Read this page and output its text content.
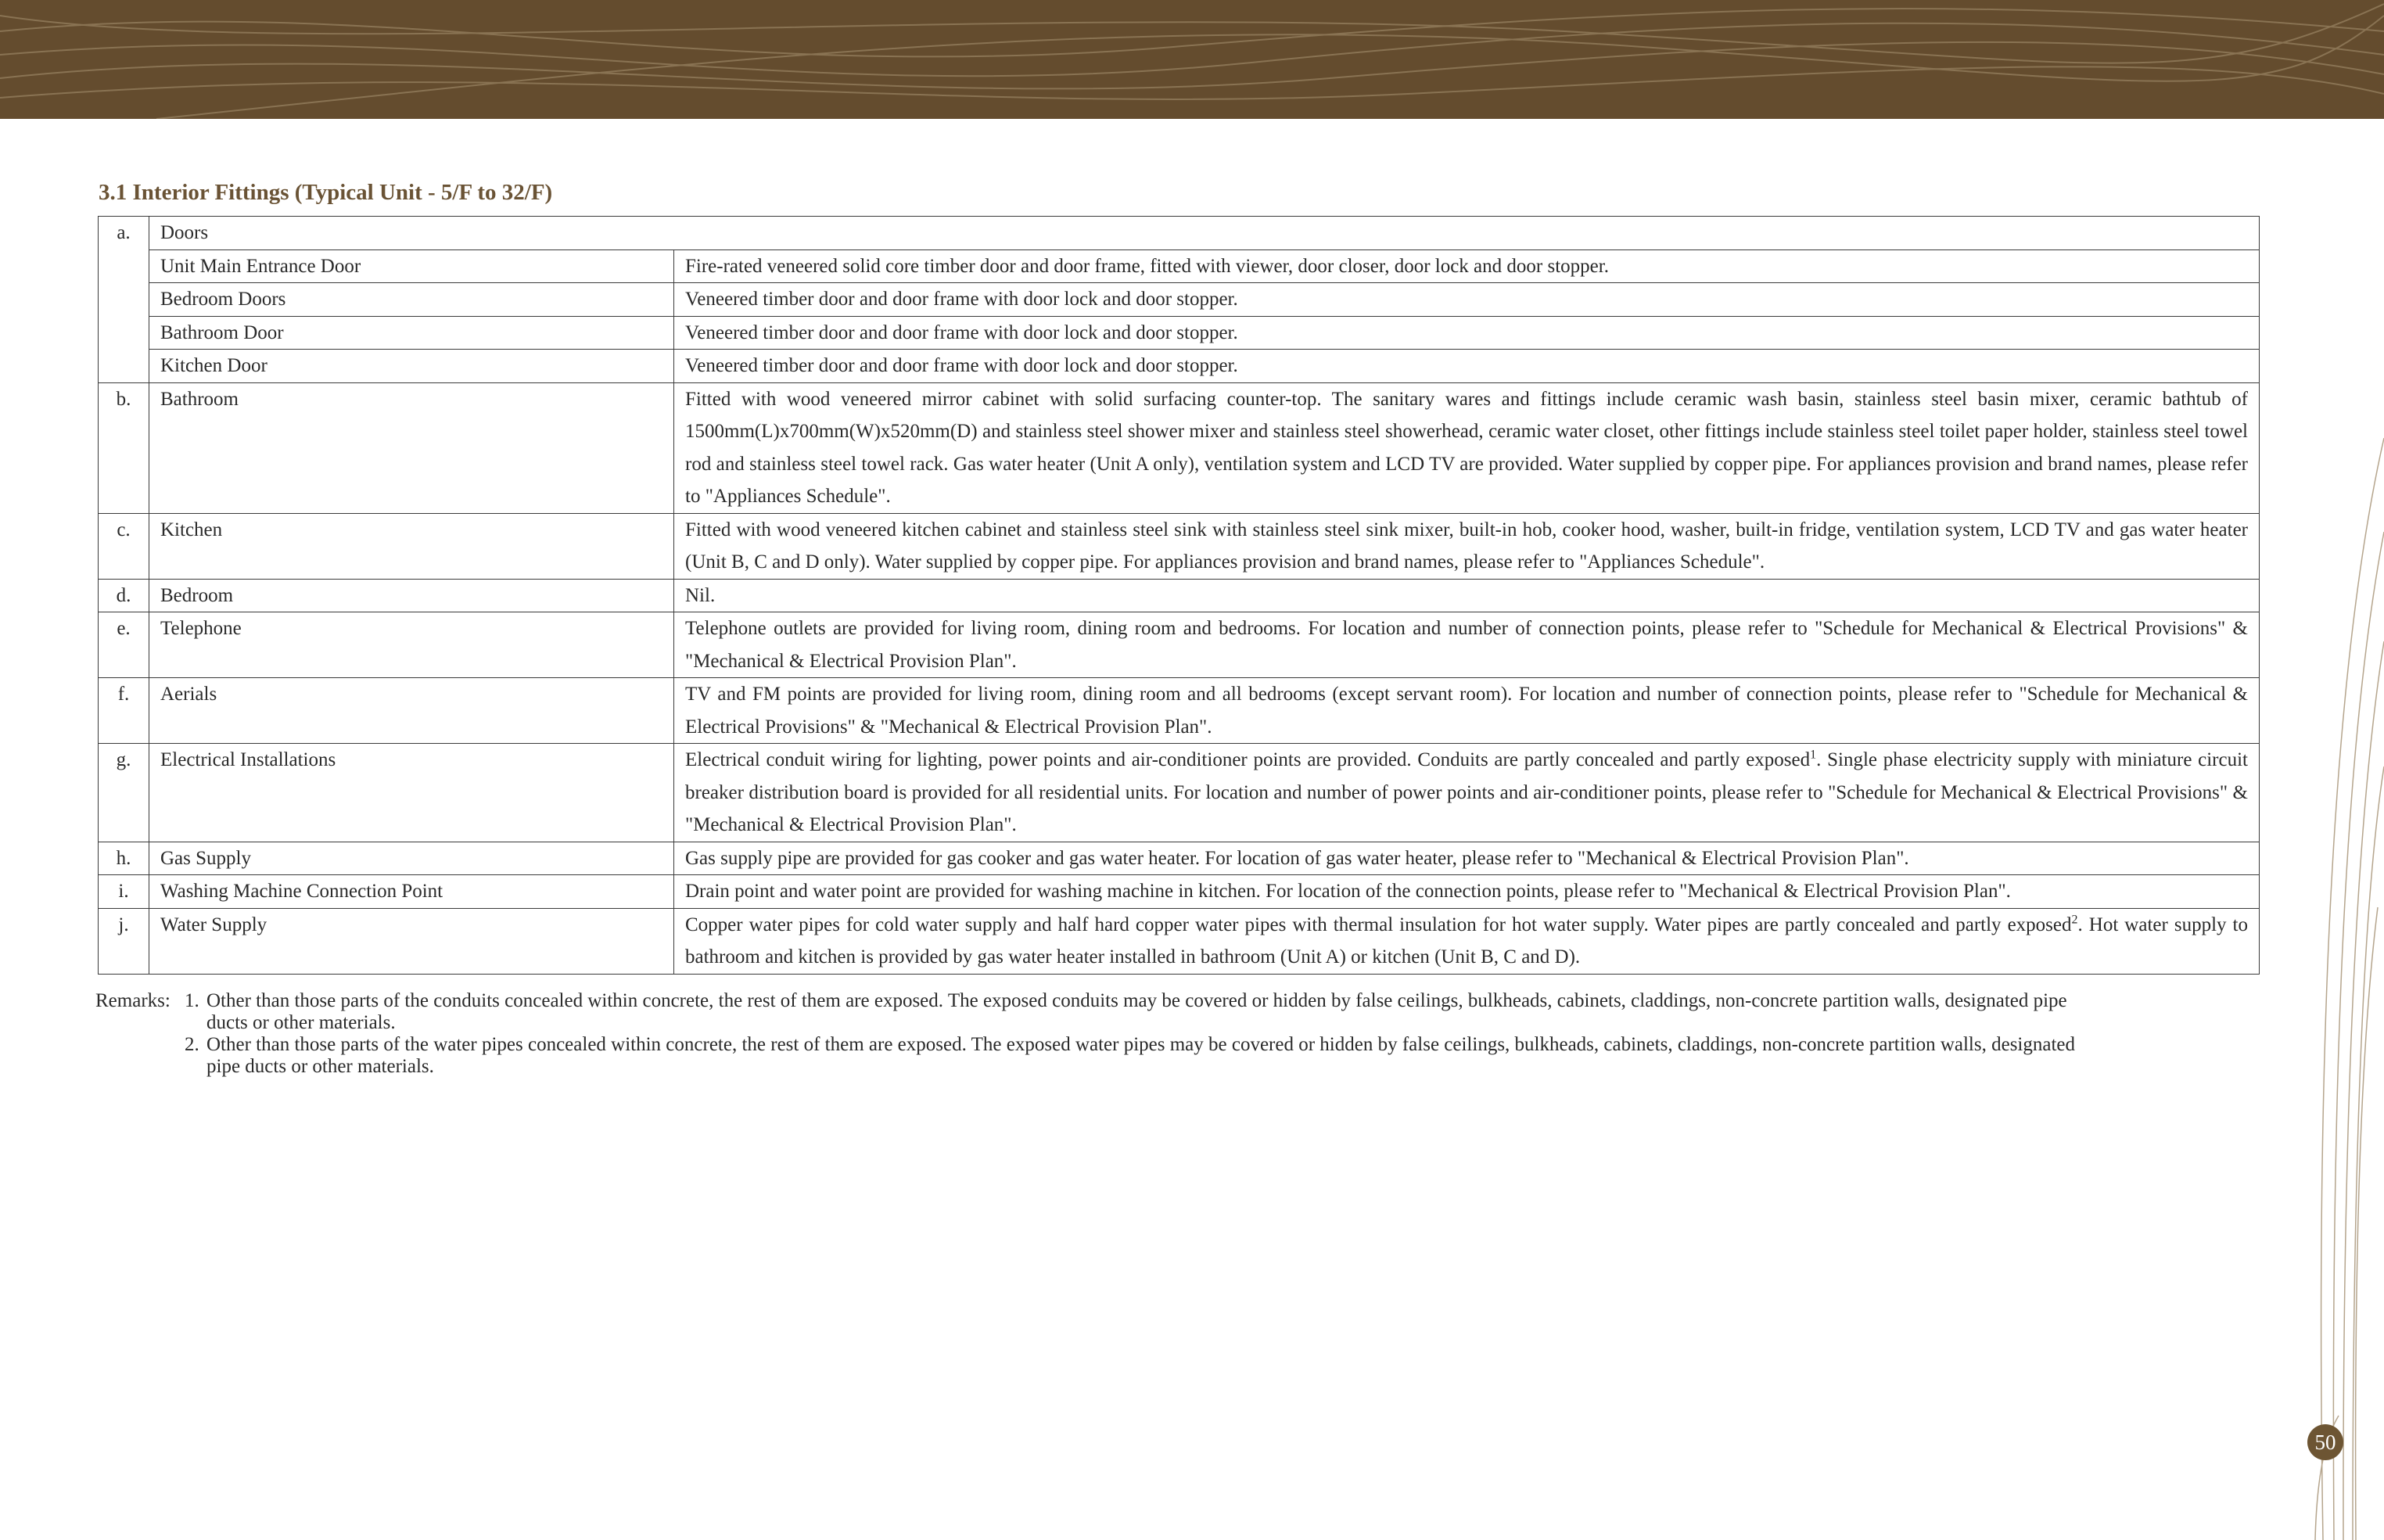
3.1 Interior Fittings (Typical Unit - 5/F to 32/F)
a.	Doors	
	Unit Main Entrance Door	Fire-rated veneered solid core timber door and door frame, fitted with viewer, door closer, door lock and door stopper.
	Bedroom Doors	Veneered timber door and door frame with door lock and door stopper.
	Bathroom Door	Veneered timber door and door frame with door lock and door stopper.
	Kitchen Door	Veneered timber door and door frame with door lock and door stopper.
b.	Bathroom	Fitted with wood veneered mirror cabinet with solid surfacing counter-top. The sanitary wares and fittings include ceramic wash basin, stainless steel basin mixer, ceramic bathtub of 1500mm(L)x700mm(W)x520mm(D) and stainless steel shower mixer and stainless steel showerhead, ceramic water closet, other fittings include stainless steel toilet paper holder, stainless steel towel rod and stainless steel towel rack. Gas water heater (Unit A only), ventilation system and LCD TV are provided. Water supplied by copper pipe. For appliances provision and brand names, please refer to "Appliances Schedule".
c.	Kitchen	Fitted with wood veneered kitchen cabinet and stainless steel sink with stainless steel sink mixer, built-in hob, cooker hood, washer, built-in fridge, ventilation system, LCD TV and gas water heater (Unit B, C and D only). Water supplied by copper pipe. For appliances provision and brand names, please refer to "Appliances Schedule".
d.	Bedroom	Nil.
e.	Telephone	Telephone outlets are provided for living room, dining room and bedrooms. For location and number of connection points, please refer to "Schedule for Mechanical & Electrical Provisions" & "Mechanical & Electrical Provision Plan".
f.	Aerials	TV and FM points are provided for living room, dining room and all bedrooms (except servant room). For location and number of connection points, please refer to "Schedule for Mechanical & Electrical Provisions" & "Mechanical & Electrical Provision Plan".
g.	Electrical Installations	Electrical conduit wiring for lighting, power points and air-conditioner points are provided. Conduits are partly concealed and partly exposed$^1$. Single phase electricity supply with miniature circuit breaker distribution board is provided for all residential units. For location and number of power points and air-conditioner points, please refer to "Schedule for Mechanical & Electrical Provisions" & "Mechanical & Electrical Provision Plan".
h.	Gas Supply	Gas supply pipe are provided for gas cooker and gas water heater. For location of gas water heater, please refer to "Mechanical & Electrical Provision Plan".
i.	Washing Machine Connection Point	Drain point and water point are provided for washing machine in kitchen. For location of the connection points, please refer to "Mechanical & Electrical Provision Plan".
j.	Water Supply	Copper water pipes for cold water supply and half hard copper water pipes with thermal insulation for hot water supply. Water pipes are partly concealed and partly exposed$^2$. Hot water supply to bathroom and kitchen is provided by gas water heater installed in bathroom (Unit A) or kitchen (Unit B, C and D).
Remarks: 1. Other than those parts of the conduits concealed within concrete, the rest of them are exposed. The exposed conduits may be covered or hidden by false ceilings, bulkheads, cabinets, claddings, non-concrete partition walls, designated pipe
ducts or other materials.
2. Other than those parts of the water pipes concealed within concrete, the rest of them are exposed. The exposed water pipes may be covered or hidden by false ceilings, bulkheads, cabinets, claddings, non-concrete partition walls, designated
pipe ducts or other materials.
50
